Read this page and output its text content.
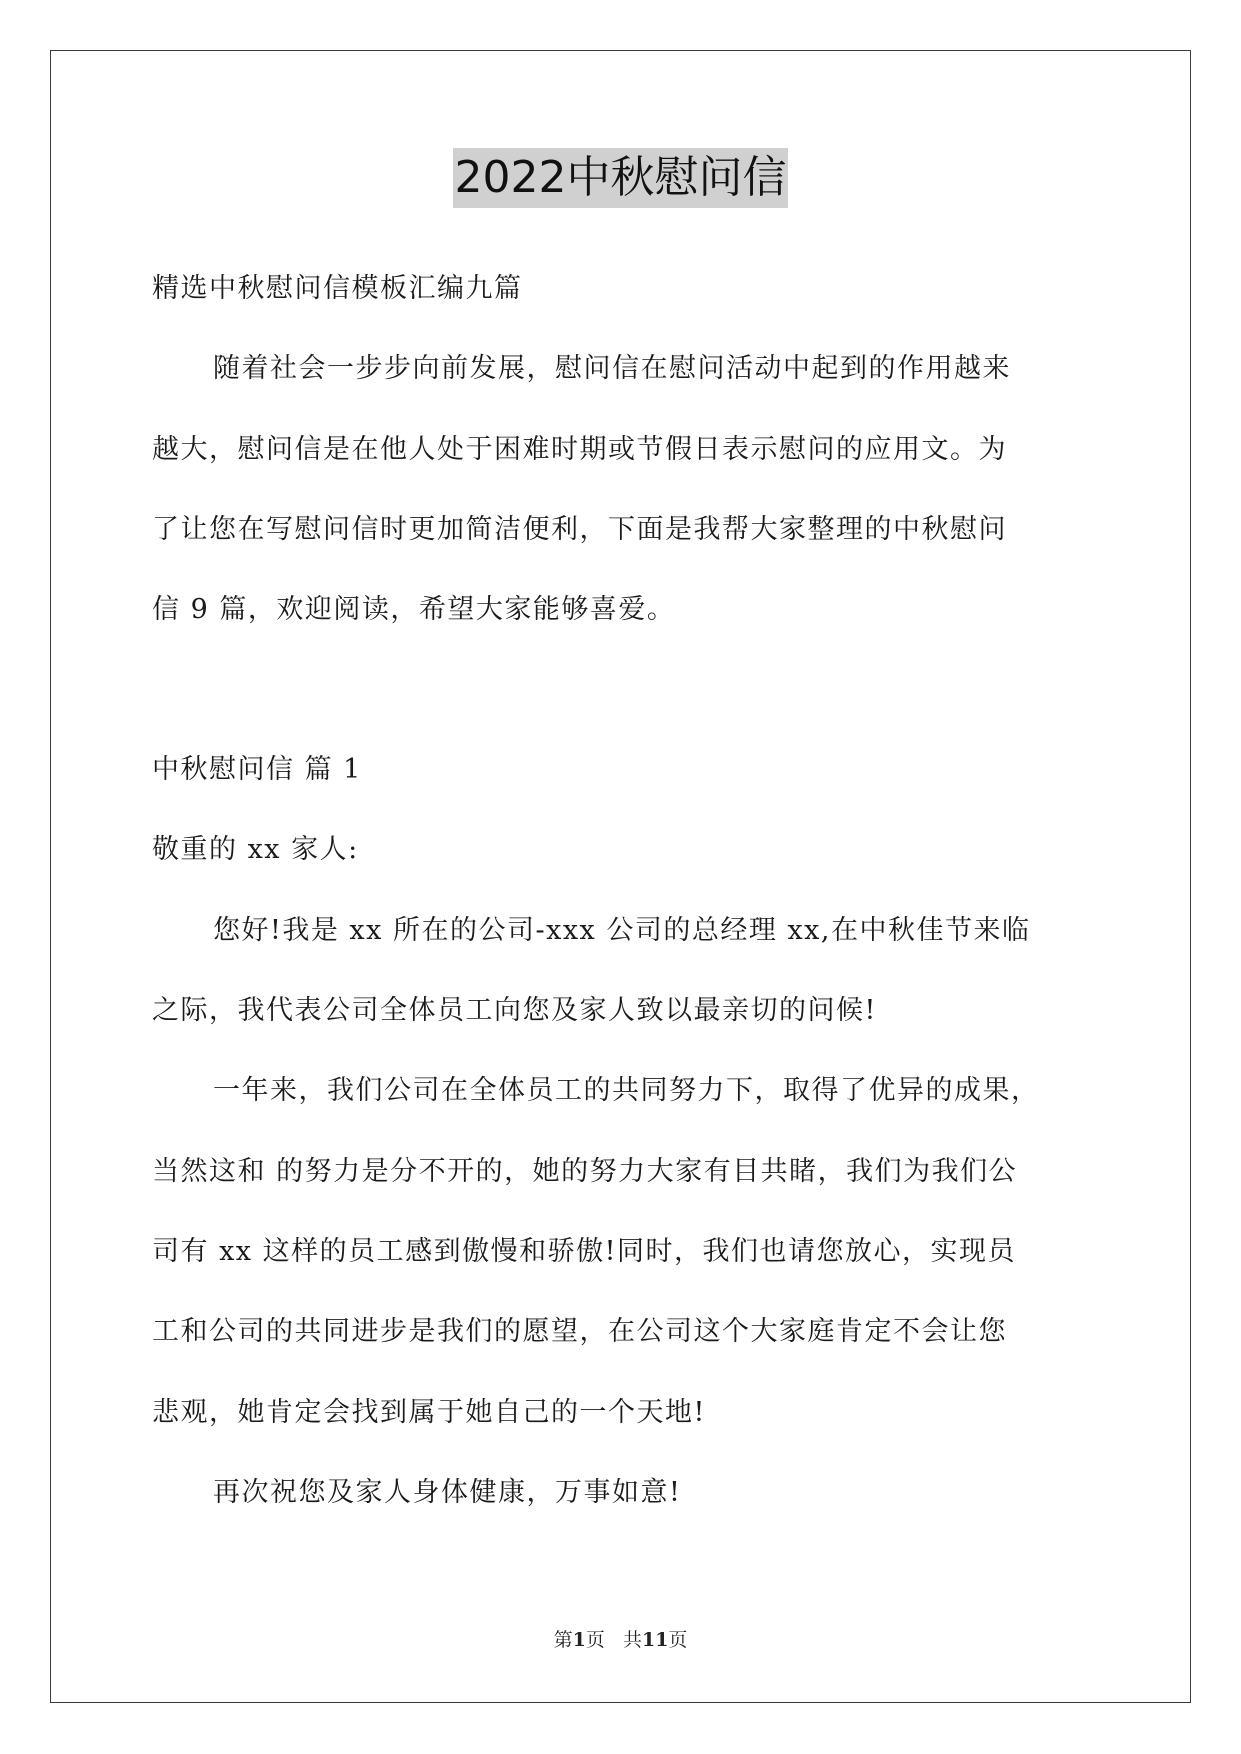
2022中秋慰问信
精选中秋慰问信模板汇编九篇
随着社会一步步向前发展，慰问信在慰问活动中起到的作用越来
越大，慰问信是在他人处于困难时期或节假日表示慰问的应用文。为
了让您在写慰问信时更加简洁便利，下面是我帮大家整理的中秋慰问
信 9 篇，欢迎阅读，希望大家能够喜爱。
中秋慰问信 篇 1
敬重的 xx 家人:
您好!我是 xx 所在的公司-xxx 公司的总经理 xx,在中秋佳节来临
之际，我代表公司全体员工向您及家人致以最亲切的问候!
一年来，我们公司在全体员工的共同努力下，取得了优异的成果，
当然这和 的努力是分不开的，她的努力大家有目共睹，我们为我们公
司有 xx 这样的员工感到傲慢和骄傲!同时，我们也请您放心，实现员
工和公司的共同进步是我们的愿望，在公司这个大家庭肯定不会让您
悲观，她肯定会找到属于她自己的一个天地!
再次祝您及家人身体健康，万事如意!
第1页 共11页
